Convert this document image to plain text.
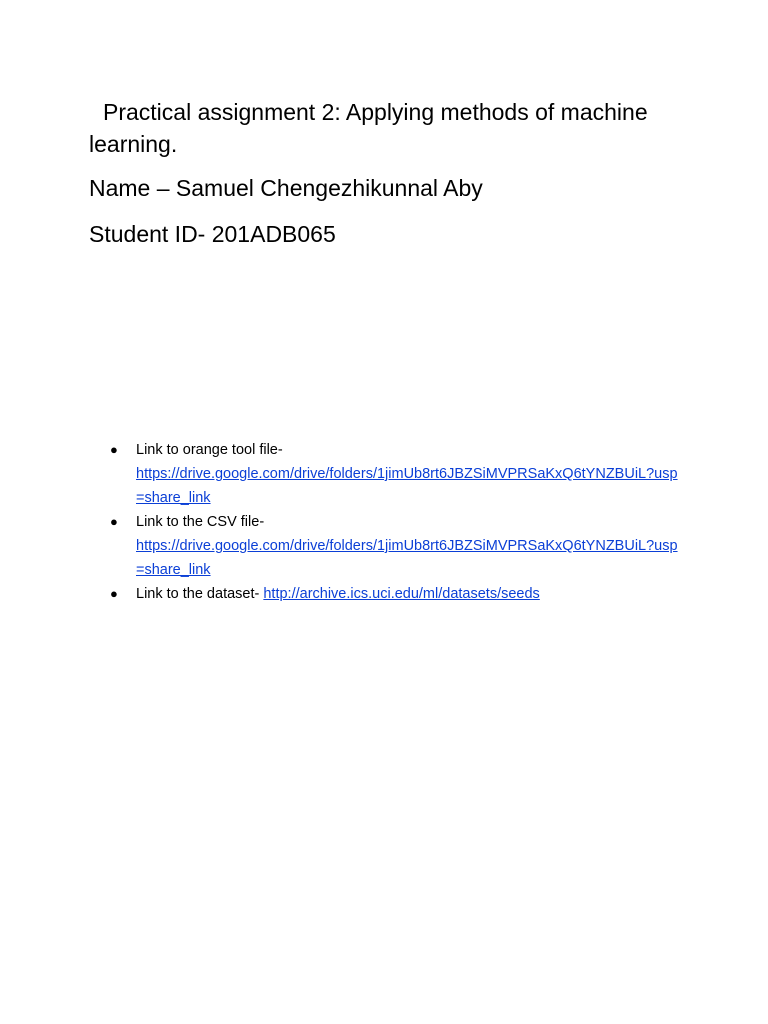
Practical assignment 2: Applying methods of machine
learning.
Name – Samuel Chengezhikunnal Aby
Student ID- 201ADB065
● Link to orange tool file-
https://drive.google.com/drive/folders/1jimUb8rt6JBZSiMVPRSaKxQ6tYNZBUiL?usp=share_link
● Link to the CSV file-
https://drive.google.com/drive/folders/1jimUb8rt6JBZSiMVPRSaKxQ6tYNZBUiL?usp=share_link
● Link to the dataset- http://archive.ics.uci.edu/ml/datasets/seeds
